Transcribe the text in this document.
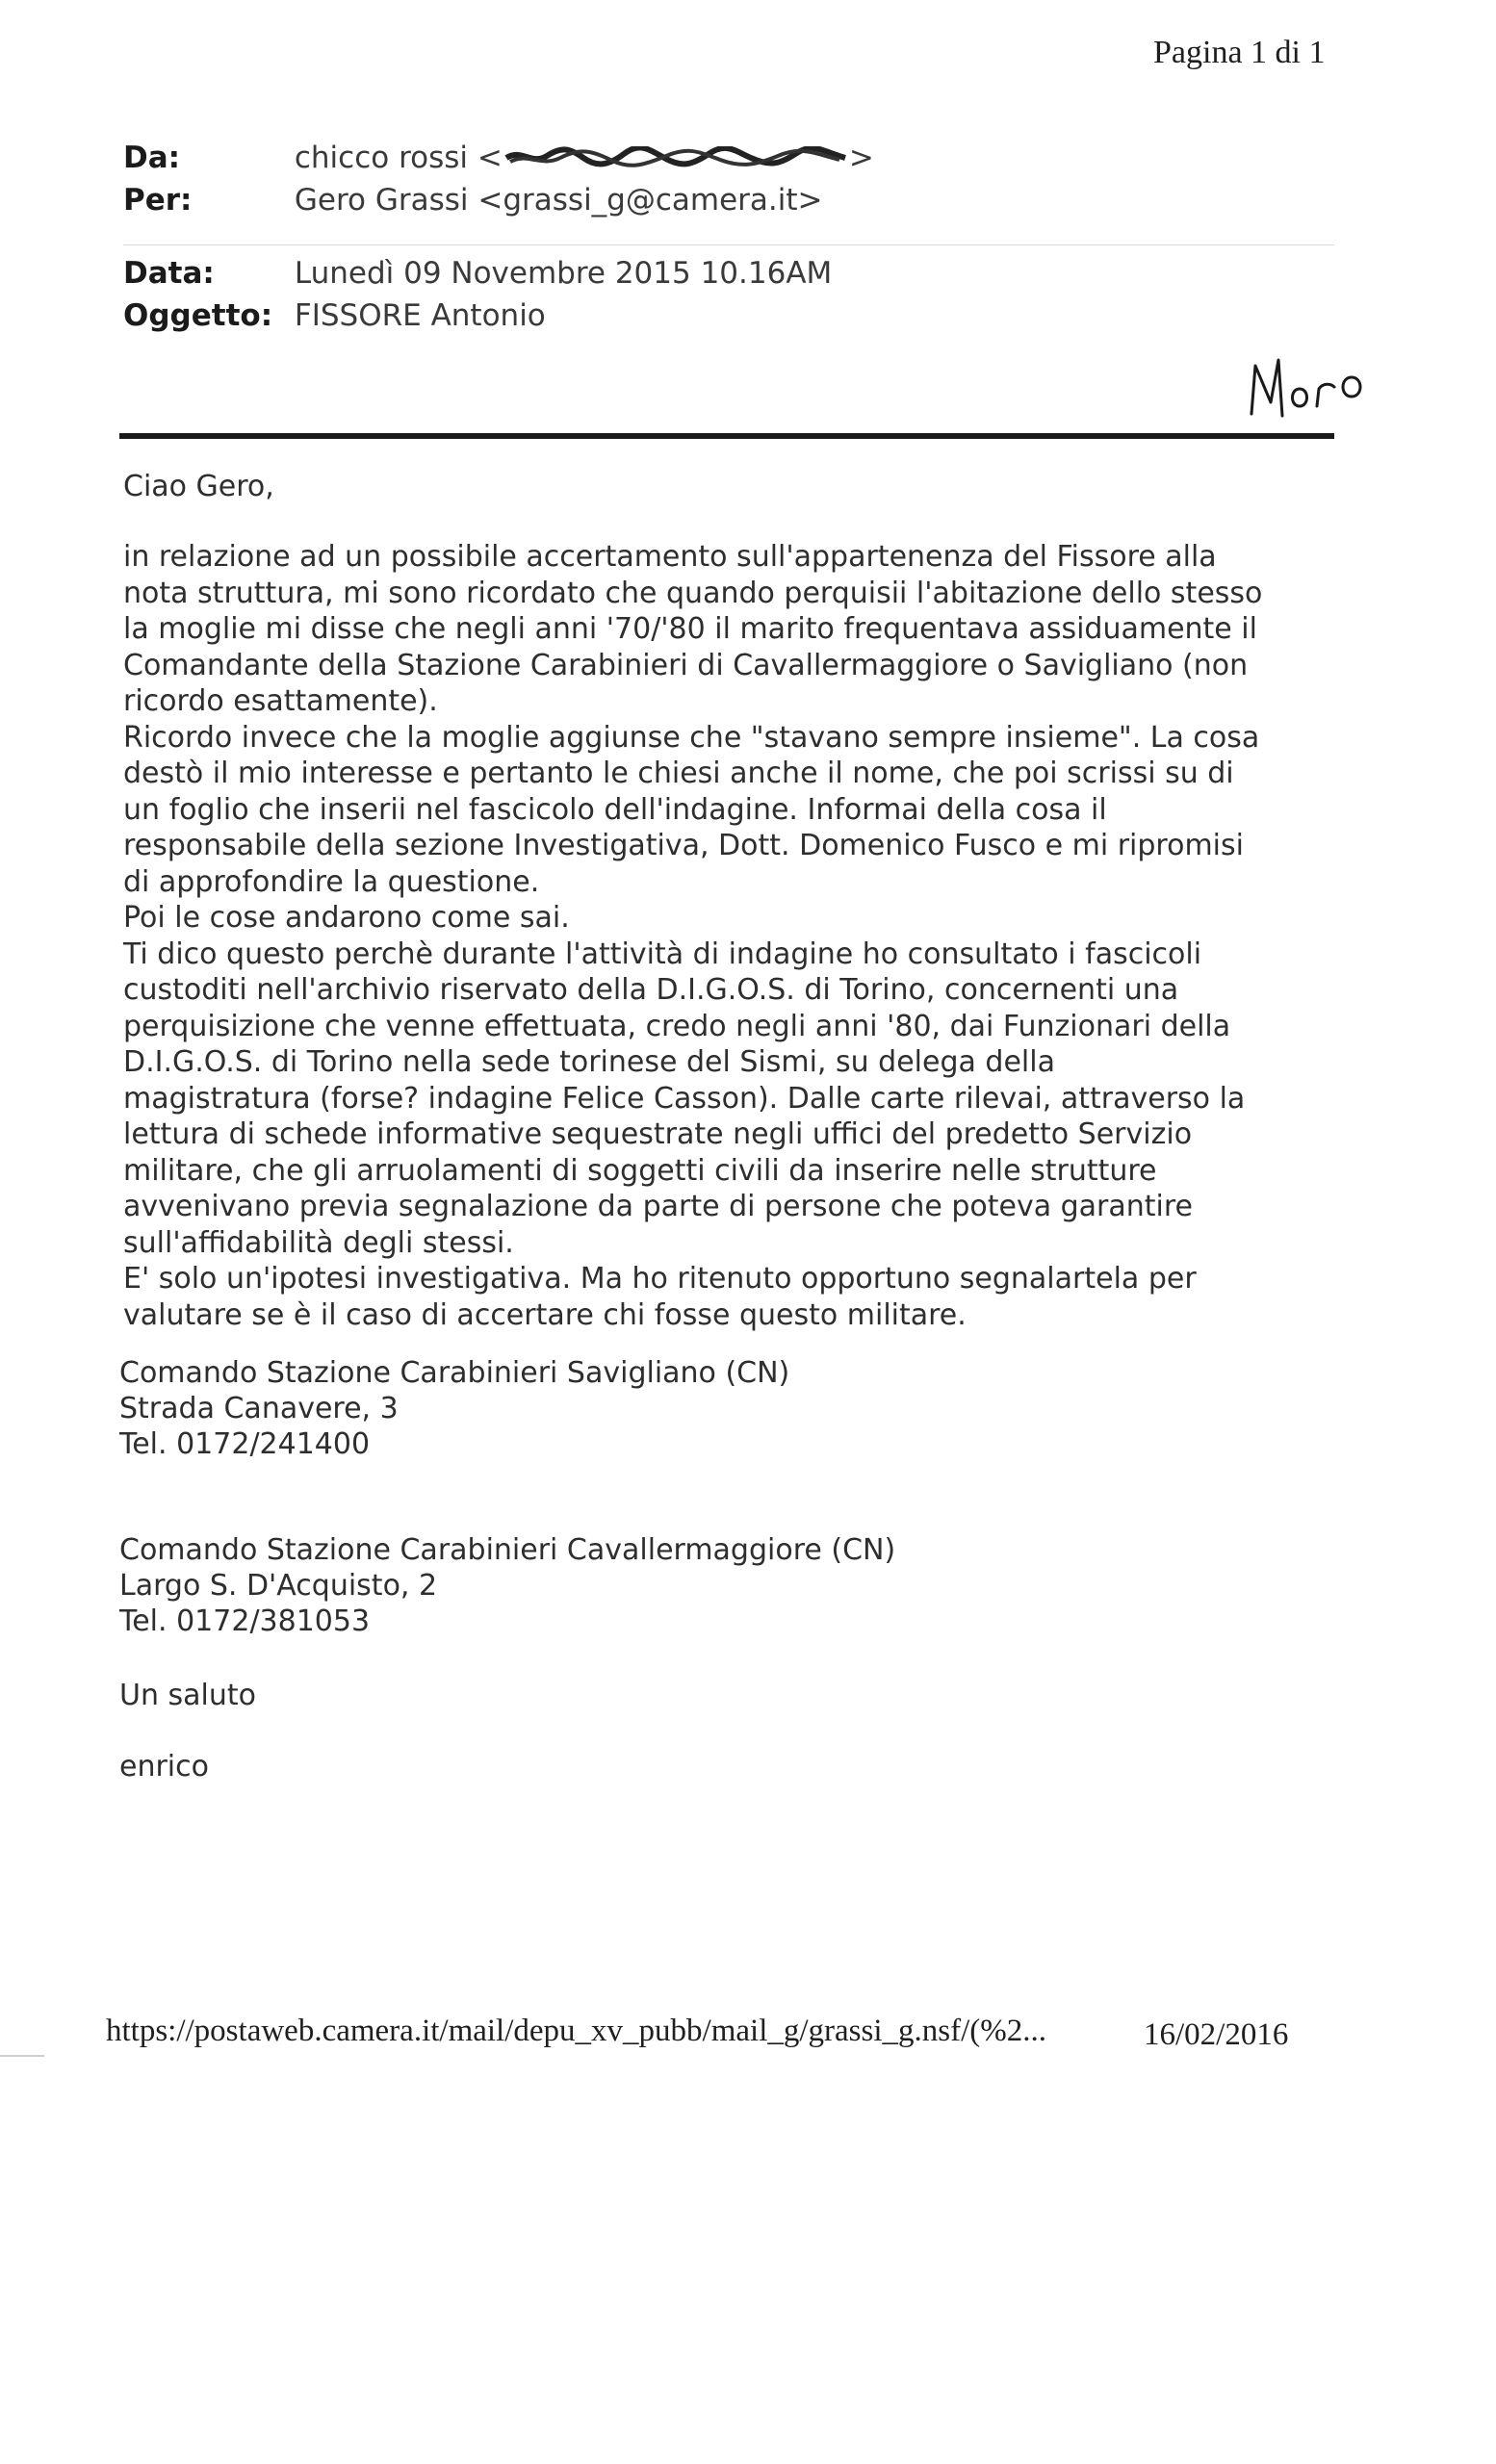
Pagina 1 di 1
Da:	chicco rossi <	>
Per:	Gero Grassi <grassi_g@camera.it>
Data:	Lunedì 09 Novembre 2015 10.16AM
Oggetto: FISSORE Antonio
Ciao Gero,
in relazione ad un possibile accertamento sull'appartenenza del Fissore alla
nota struttura, mi sono ricordato che quando perquisii l'abitazione dello stesso
la moglie mi disse che negli anni '70/'80 il marito frequentava assiduamente il
Comandante della Stazione Carabinieri di Cavallermaggiore o Savigliano (non
ricordo esattamente).
Ricordo invece che la moglie aggiunse che "stavano sempre insieme". La cosa
destò il mio interesse e pertanto le chiesi anche il nome, che poi scrissi su di
un foglio che inserii nel fascicolo dell'indagine. Informai della cosa il
responsabile della sezione Investigativa, Dott. Domenico Fusco e mi ripromisi
di approfondire la questione.
Poi le cose andarono come sai.
Ti dico questo perchè durante l'attività di indagine ho consultato i fascicoli
custoditi nell'archivio riservato della D.I.G.O.S. di Torino, concernenti una
perquisizione che venne effettuata, credo negli anni '80, dai Funzionari della
D.I.G.O.S. di Torino nella sede torinese del Sismi, su delega della
magistratura (forse? indagine Felice Casson). Dalle carte rilevai, attraverso la
lettura di schede informative sequestrate negli uffici del predetto Servizio
militare, che gli arruolamenti di soggetti civili da inserire nelle strutture
avvenivano previa segnalazione da parte di persone che poteva garantire
sull'affidabilità degli stessi.
E' solo un'ipotesi investigativa. Ma ho ritenuto opportuno segnalartela per
valutare se è il caso di accertare chi fosse questo militare.
Comando Stazione Carabinieri Savigliano (CN)
Strada Canavere, 3
Tel. 0172/241400
Comando Stazione Carabinieri Cavallermaggiore (CN)
Largo S. D'Acquisto, 2
Tel. 0172/381053
Un saluto
enrico
https://postaweb.camera.it/mail/depu_xv_pubb/mail_g/grassi_g.nsf/(%2...	16/02/2016
